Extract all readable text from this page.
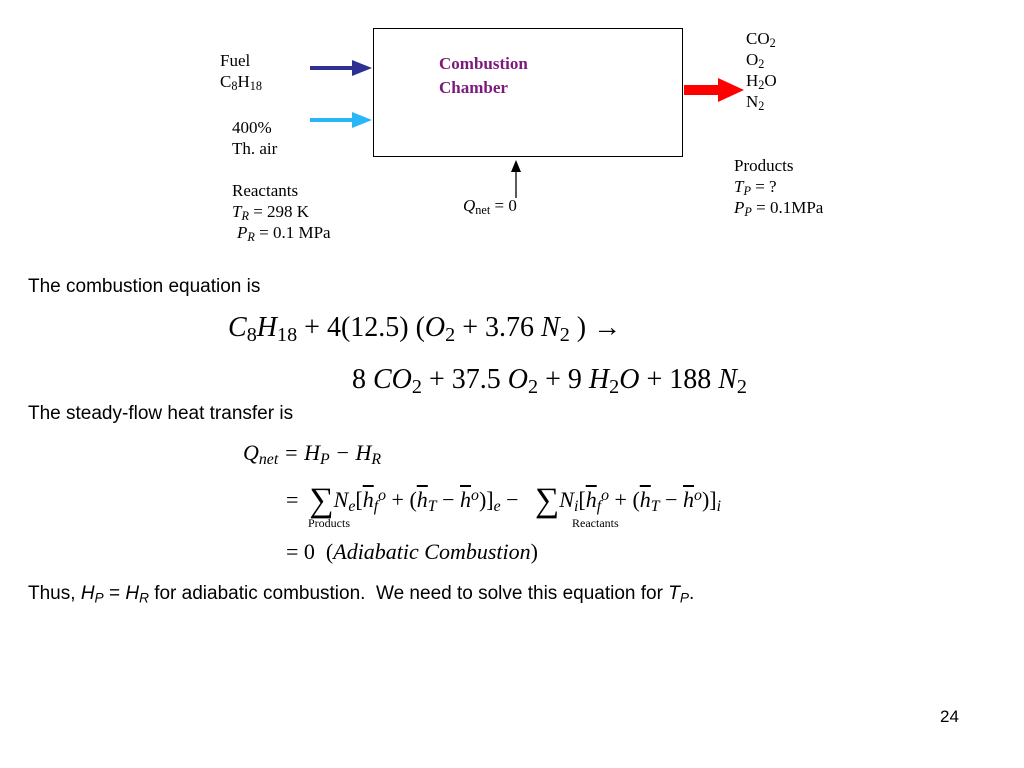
Combustion
Chamber
Fuel
$C_8H_{18}$
400%
Th. air
Reactants
$T_R = 298$ K
$P_R = 0.1$ MPa
$Q_{net} = 0$
$CO_2$
$O_2$
$H_2O$
$N_2$
Products
$T_P$ = ?
$P_P = 0.1MPa$
The combustion equation is
$C_8H_{18} + 4(12.5) (O_2 + 3.76$ $N_2$ ) →
8 $CO_2 + 37.5$ $O_2 + 9$ $H_2O + 188$ $N_2$
The steady-flow heat transfer is
$Q_{net} = H_P - H_R$
= $\sum N_e[\overline{h}_f^o + (\overline{h}_T - \overline{h}^o)]_e - \sum N_i[\overline{h}_f^o + (\overline{h}_T - \overline{h}^o)]_i$
Products	Reactants
= 0  (Adiabatic Combustion)
Thus, $H_P = H_R$ for adiabatic combustion.  We need to solve this equation for $T_P$.
24
